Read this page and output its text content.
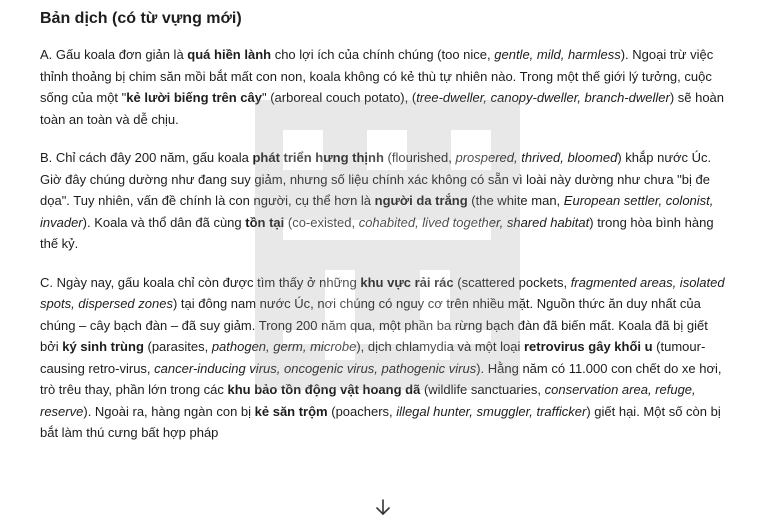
Bản dịch (có từ vựng mới)

A. Gấu koala đơn giản là quá hiền lành cho lợi ích của chính chúng (too nice, gentle, mild, harmless). Ngoại trừ việc thỉnh thoảng bị chim săn mồi bắt mất con non, koala không có kẻ thù tự nhiên nào. Trong một thế giới lý tưởng, cuộc sống của một "kẻ lười biếng trên cây" (arboreal couch potato), (tree-dweller, canopy-dweller, branch-dweller) sẽ hoàn toàn an toàn và dễ chịu.

B. Chỉ cách đây 200 năm, gấu koala phát triển hưng thịnh (flourished, prospered, thrived, bloomed) khắp nước Úc. Giờ đây chúng dường như đang suy giảm, nhưng số liệu chính xác không có sẵn vì loài này dường như chưa "bị đe dọa". Tuy nhiên, vấn đề chính là con người, cụ thể hơn là người da trắng (the white man, European settler, colonist, invader). Koala và thổ dân đã cùng tồn tại (co-existed, cohabited, lived together, shared habitat) trong hòa bình hàng thế kỷ.

C. Ngày nay, gấu koala chỉ còn được tìm thấy ở những khu vực rải rác (scattered pockets, fragmented areas, isolated spots, dispersed zones) tại đông nam nước Úc, nơi chúng có nguy cơ trên nhiều mặt. Nguồn thức ăn duy nhất của chúng – cây bạch đàn – đã suy giảm. Trong 200 năm qua, một phần ba rừng bạch đàn đã biến mất. Koala đã bị giết bởi ký sinh trùng (parasites, pathogen, germ, microbe), dịch chlamydia và một loại retrovirus gây khối u (tumour-causing retro-virus, cancer-inducing virus, oncogenic virus, pathogenic virus). Hằng năm có 11.000 con chết do xe hơi, trò trêu thay, phần lớn trong các khu bảo tồn động vật hoang dã (wildlife sanctuaries, conservation area, refuge, reserve). Ngoài ra, hàng ngàn con bị kẻ săn trộm (poachers, illegal hunter, smuggler, trafficker) giết hại. Một số còn bị bắt làm thú cưng bất hợp pháp
